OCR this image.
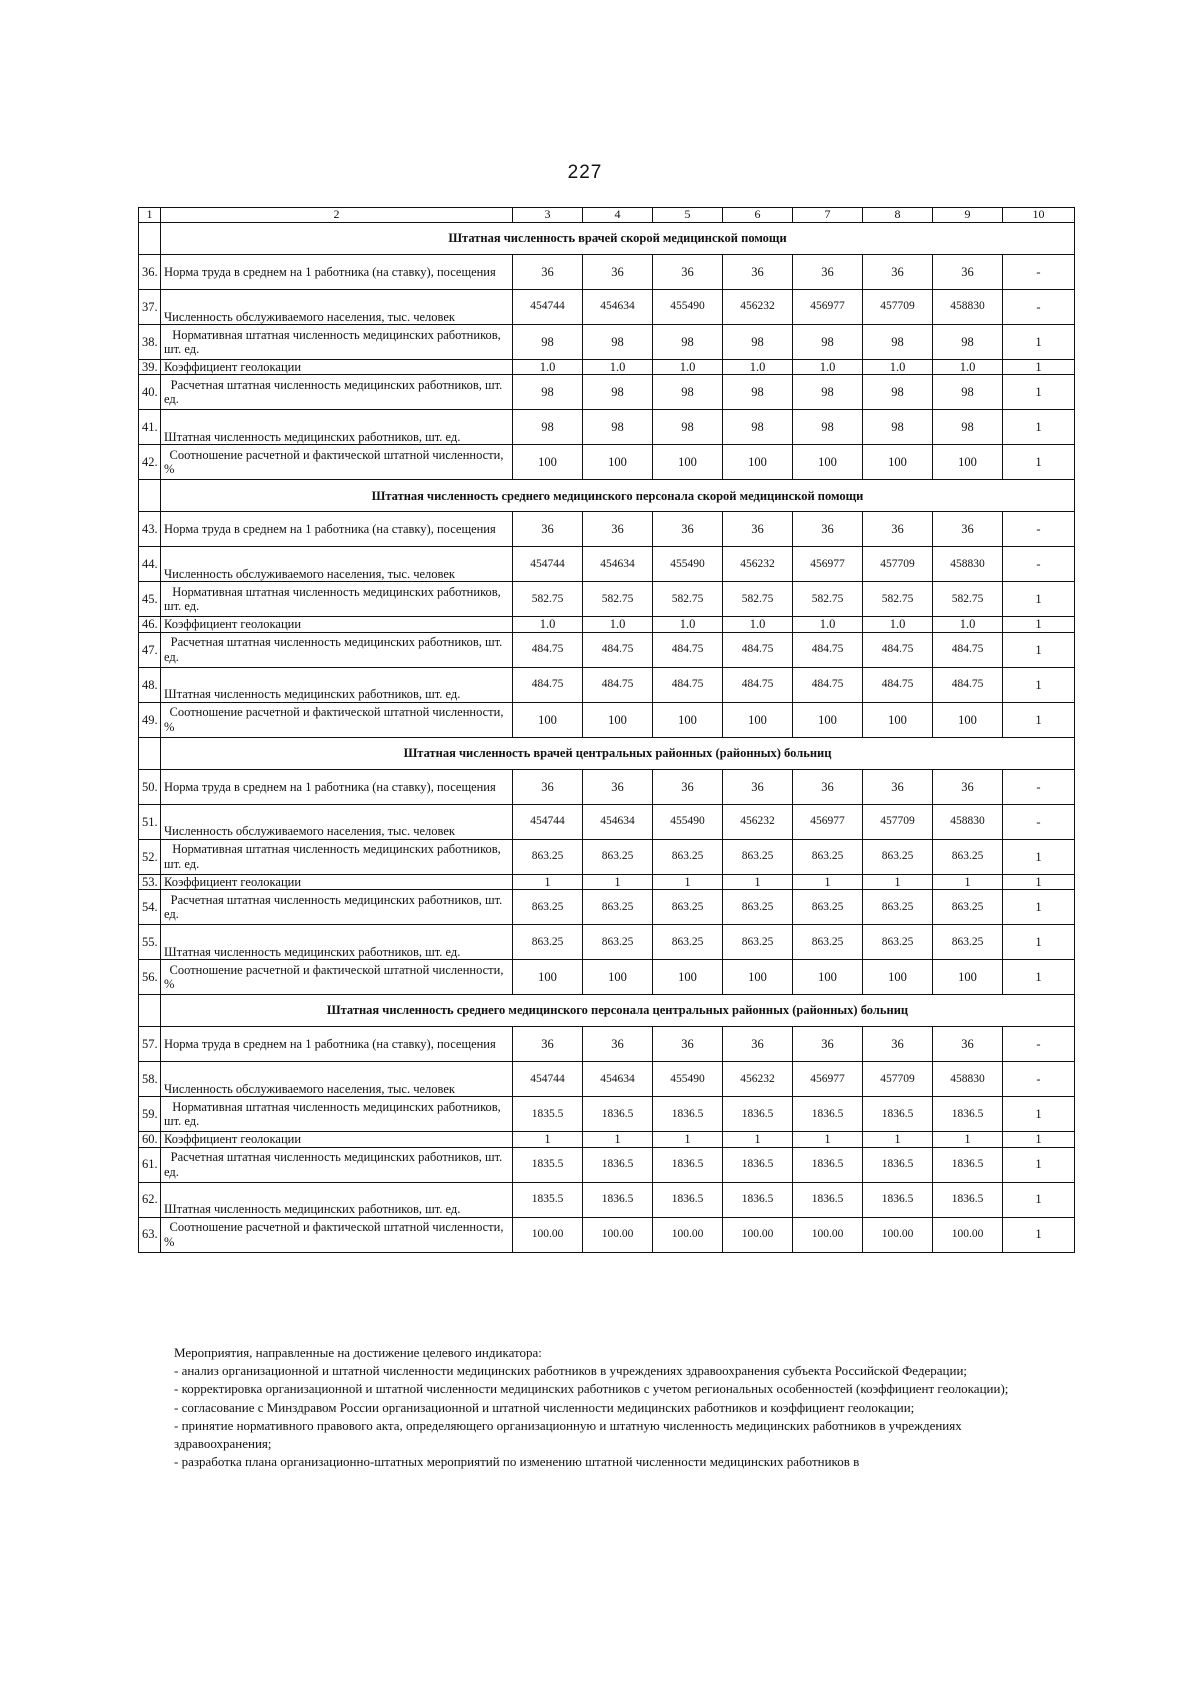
227
1	2	3	4	5	6	7	8	9	10
	Штатная численность врачей скорой медицинской помощи								
36.	Норма труда в среднем на 1 работника (на ставку), посещения	36	36	36	36	36	36	36	-
37.	Численность обслуживаемого населения, тыс. человек	454744	454634	455490	456232	456977	457709	458830	-
38.	Нормативная штатная численность медицинских работников, шт. ед.	98	98	98	98	98	98	98	1
39.	Коэффициент геолокации	1.0	1.0	1.0	1.0	1.0	1.0	1.0	1
40.	Расчетная штатная численность медицинских работников, шт. ед.	98	98	98	98	98	98	98	1
41.	Штатная численность медицинских работников, шт. ед.	98	98	98	98	98	98	98	1
42.	Соотношение расчетной и фактической штатной численности, %	100	100	100	100	100	100	100	1
	Штатная численность среднего медицинского персонала скорой медицинской помощи								
43.	Норма труда в среднем на 1 работника (на ставку), посещения	36	36	36	36	36	36	36	-
44.	Численность обслуживаемого населения, тыс. человек	454744	454634	455490	456232	456977	457709	458830	-
45.	Нормативная штатная численность медицинских работников, шт. ед.	582.75	582.75	582.75	582.75	582.75	582.75	582.75	1
46.	Коэффициент геолокации	1.0	1.0	1.0	1.0	1.0	1.0	1.0	1
47.	Расчетная штатная численность медицинских работников, шт. ед.	484.75	484.75	484.75	484.75	484.75	484.75	484.75	1
48.	Штатная численность медицинских работников, шт. ед.	484.75	484.75	484.75	484.75	484.75	484.75	484.75	1
49.	Соотношение расчетной и фактической штатной численности, %	100	100	100	100	100	100	100	1
	Штатная численность врачей центральных районных (районных) больниц								
50.	Норма труда в среднем на 1 работника (на ставку), посещения	36	36	36	36	36	36	36	-
51.	Численность обслуживаемого населения, тыс. человек	454744	454634	455490	456232	456977	457709	458830	-
52.	Нормативная штатная численность медицинских работников, шт. ед.	863.25	863.25	863.25	863.25	863.25	863.25	863.25	1
53.	Коэффициент геолокации	1	1	1	1	1	1	1	1
54.	Расчетная штатная численность медицинских работников, шт. ед.	863.25	863.25	863.25	863.25	863.25	863.25	863.25	1
55.	Штатная численность медицинских работников, шт. ед.	863.25	863.25	863.25	863.25	863.25	863.25	863.25	1
56.	Соотношение расчетной и фактической штатной численности, %	100	100	100	100	100	100	100	1
	Штатная численность среднего медицинского персонала центральных районных (районных) больниц								
57.	Норма труда в среднем на 1 работника (на ставку), посещения	36	36	36	36	36	36	36	-
58.	Численность обслуживаемого населения, тыс. человек	454744	454634	455490	456232	456977	457709	458830	-
59.	Нормативная штатная численность медицинских работников, шт. ед.	1835.5	1836.5	1836.5	1836.5	1836.5	1836.5	1836.5	1
60.	Коэффициент геолокации	1	1	1	1	1	1	1	1
61.	Расчетная штатная численность медицинских работников, шт. ед.	1835.5	1836.5	1836.5	1836.5	1836.5	1836.5	1836.5	1
62.	Штатная численность медицинских работников, шт. ед.	1835.5	1836.5	1836.5	1836.5	1836.5	1836.5	1836.5	1
63.	Соотношение расчетной и фактической штатной численности, %	100.00	100.00	100.00	100.00	100.00	100.00	100.00	1

Мероприятия, направленные на достижение целевого индикатора:

- анализ организационной и штатной численности медицинских работников в учреждениях здравоохранения субъекта Российской Федерации;

- корректировка организационной и штатной численности медицинских работников с учетом региональных особенностей (коэффициент геолокации);

- согласование с Минздравом России организационной и штатной численности медицинских работников и коэффициент геолокации;

- принятие нормативного правового акта, определяющего организационную и штатную численность медицинских работников в учреждениях здравоохранения;

- разработка плана организационно-штатных мероприятий по изменению штатной численности медицинских работников в
